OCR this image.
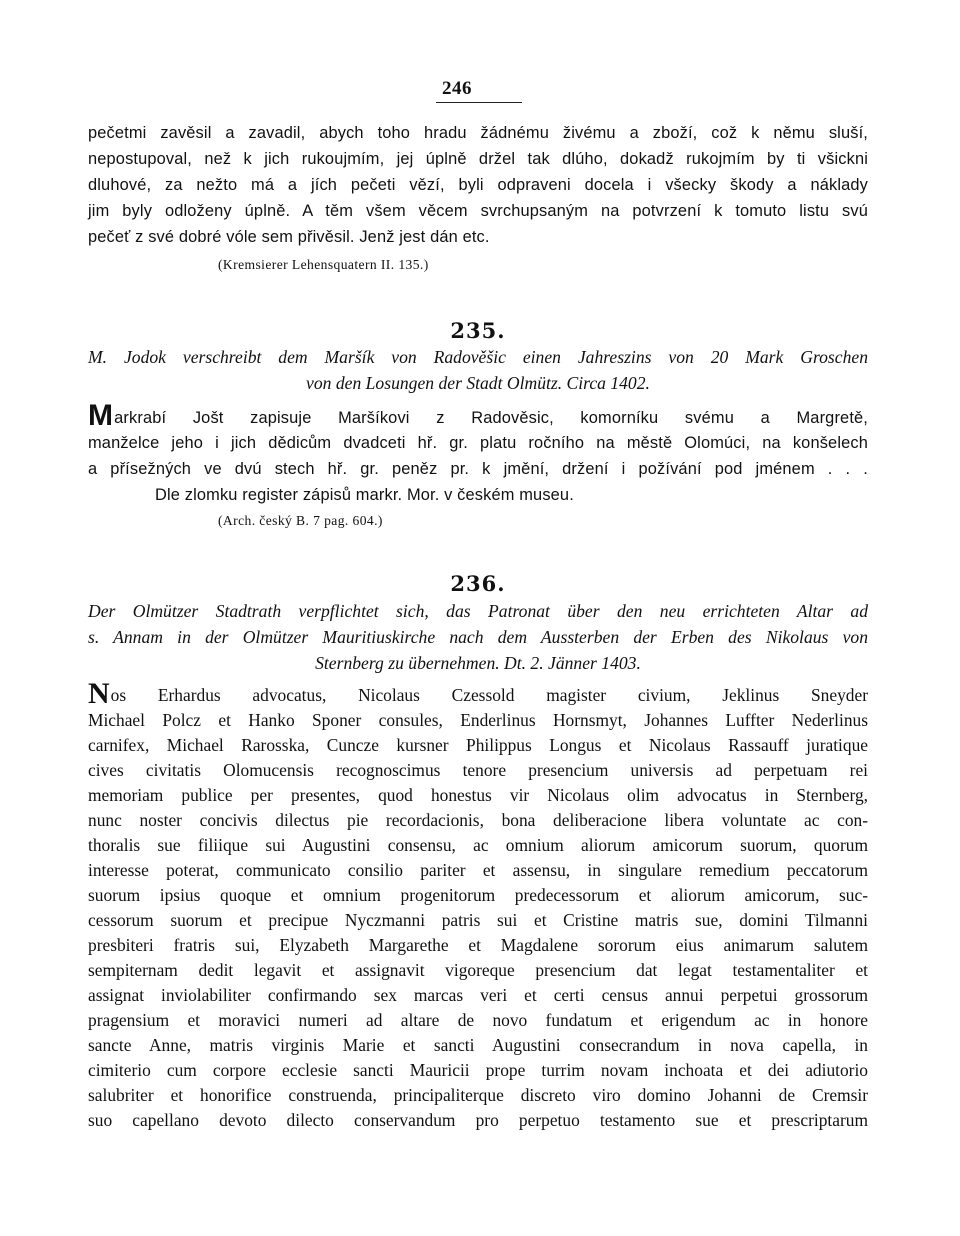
246
pečetmi zavěsil a zavadil, abych toho hradu žádnému živému a zboží, což k němu sluší,
nepostupoval, než k jich rukoujmím, jej úplně držel tak dlúho, dokadž rukojmím by ti všickni
dluhové, za nežto má a jích pečeti vězí, byli odpraveni docela i všecky škody a náklady
jim byly odloženy úplně. A těm všem věcem svrchupsaným na potvrzení k tomuto listu svú
pečeť z své dobré vóle sem přivěsil. Jenž jest dán etc.
(Kremsierer Lehensquatern II. 135.)
235.
M. Jodok verschreibt dem Maršík von Radověšic einen Jahreszins von 20 Mark Groschen
von den Losungen der Stadt Olmütz. Circa 1402.
Markrabí Jošt zapisuje Maršíkovi z Radověsic, komorníku svému a Margretě,
manželce jeho i jich dědicům dvadceti hř. gr. platu ročního na městě Olomúci, na konšelech
a přísežných ve dvú stech hř. gr. peněz pr. k jmění, držení i požívání pod jménem . . .
Dle zlomku register zápisů markr. Mor. v českém museu.
(Arch. český B. 7 pag. 604.)
236.
Der Olmützer Stadtrath verpflichtet sich, das Patronat über den neu errichteten Altar ad
s. Annam in der Olmützer Mauritiuskirche nach dem Aussterben der Erben des Nikolaus von
Sternberg zu übernehmen. Dt. 2. Jänner 1403.
Nos Erhardus advocatus, Nicolaus Czessold magister civium, Jeklinus Sneyder
Michael Polcz et Hanko Sponer consules, Enderlinus Hornsmyt, Johannes Luffter Nederlinus
carnifex, Michael Rarosska, Cuncze kursner Philippus Longus et Nicolaus Rassauff juratique
cives civitatis Olomucensis recognoscimus tenore presencium universis ad perpetuam rei
memoriam publice per presentes, quod honestus vir Nicolaus olim advocatus in Sternberg,
nunc noster concivis dilectus pie recordacionis, bona deliberacione libera voluntate ac con-
thoralis sue filiique sui Augustini consensu, ac omnium aliorum amicorum suorum, quorum
interesse poterat, communicato consilio pariter et assensu, in singulare remedium peccatorum
suorum ipsius quoque et omnium progenitorum predecessorum et aliorum amicorum, suc-
cessorum suorum et precipue Nyczmanni patris sui et Cristine matris sue, domini Tilmanni
presbiteri fratris sui, Elyzabeth Margarethe et Magdalene sororum eius animarum salutem
sempiternam dedit legavit et assignavit vigoreque presencium dat legat testamentaliter et
assignat inviolabiliter confirmando sex marcas veri et certi census annui perpetui grossorum
pragensium et moravici numeri ad altare de novo fundatum et erigendum ac in honore
sancte Anne, matris virginis Marie et sancti Augustini consecrandum in nova capella, in
cimiterio cum corpore ecclesie sancti Mauricii prope turrim novam inchoata et dei adiutorio
salubriter et honorifice construenda, principaliterque discreto viro domino Johanni de Cremsir
suo capellano devoto dilecto conservandum pro perpetuo testamento sue et prescriptarum
